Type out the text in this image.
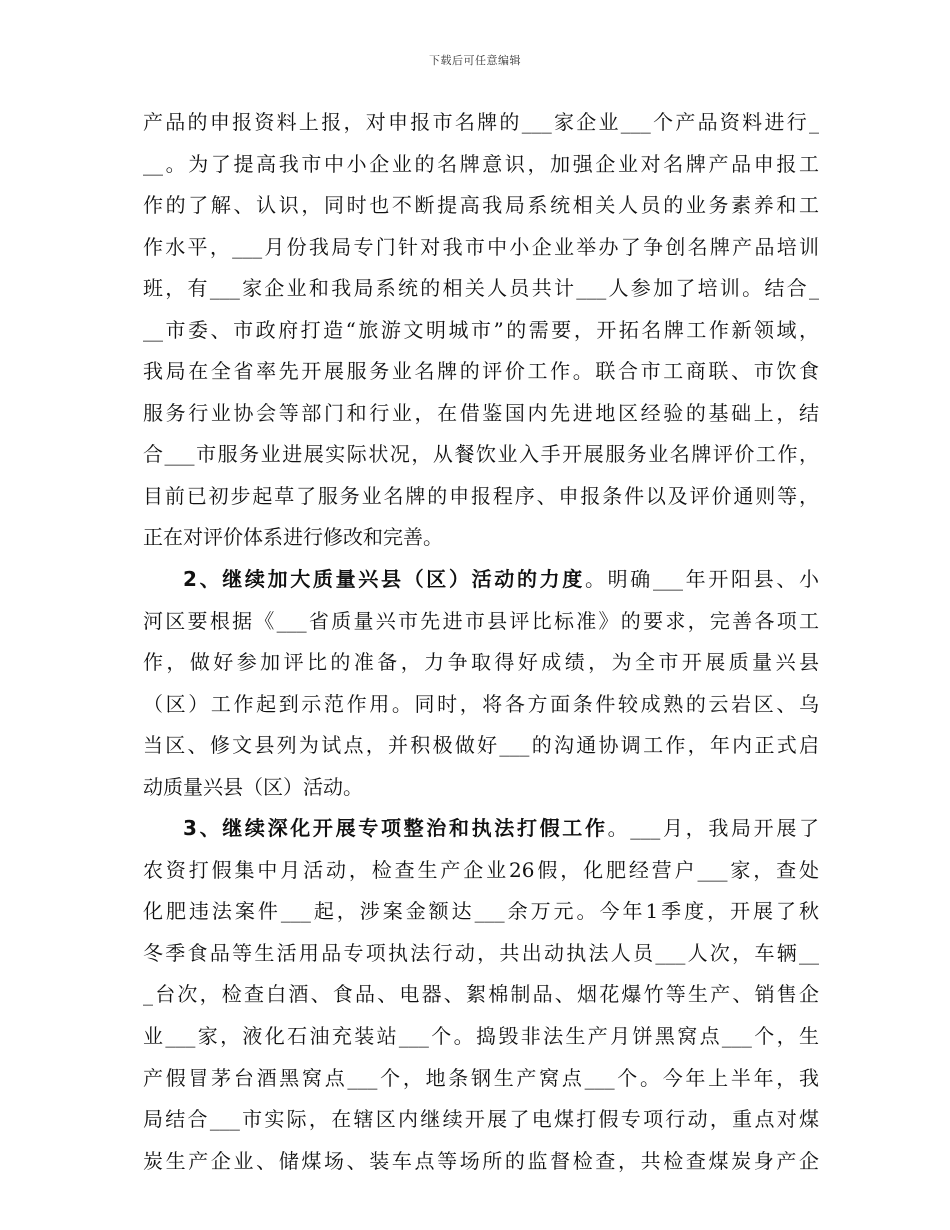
下载后可任意编辑
产品的申报资料上报，对申报市名牌的___家企业___个产品资料进行_
__。为了提高我市中小企业的名牌意识，加强企业对名牌产品申报工
作的了解、认识，同时也不断提高我局系统相关人员的业务素养和工
作水平，___月份我局专门针对我市中小企业举办了争创名牌产品培训
班，有___家企业和我局系统的相关人员共计___人参加了培训。结合_
__市委、市政府打造“旅游文明城市”的需要，开拓名牌工作新领域，
我局在全省率先开展服务业名牌的评价工作。联合市工商联、市饮食
服务行业协会等部门和行业，在借鉴国内先进地区经验的基础上，结
合___市服务业进展实际状况，从餐饮业入手开展服务业名牌评价工作，
目前已初步起草了服务业名牌的申报程序、申报条件以及评价通则等，
正在对评价体系进行修改和完善。
2、继续加大质量兴县（区）活动的力度。明确___年开阳县、小
河区要根据《___省质量兴市先进市县评比标准》的要求，完善各项工
作，做好参加评比的准备，力争取得好成绩，为全市开展质量兴县
（区）工作起到示范作用。同时，将各方面条件较成熟的云岩区、乌
当区、修文县列为试点，并积极做好___的沟通协调工作，年内正式启
动质量兴县（区）活动。
3、继续深化开展专项整治和执法打假工作。___月，我局开展了
农资打假集中月活动，检查生产企业26假，化肥经营户___家，查处
化肥违法案件___起，涉案金额达___余万元。今年1季度，开展了秋
冬季食品等生活用品专项执法行动，共出动执法人员___人次，车辆__
_台次，检查白酒、食品、电器、絮棉制品、烟花爆竹等生产、销售企
业___家，液化石油充装站___个。捣毁非法生产月饼黑窝点___个，生
产假冒茅台酒黑窝点___个，地条钢生产窝点___个。今年上半年，我
局结合___市实际，在辖区内继续开展了电煤打假专项行动，重点对煤
炭生产企业、储煤场、装车点等场所的监督检查，共检查煤炭身产企
